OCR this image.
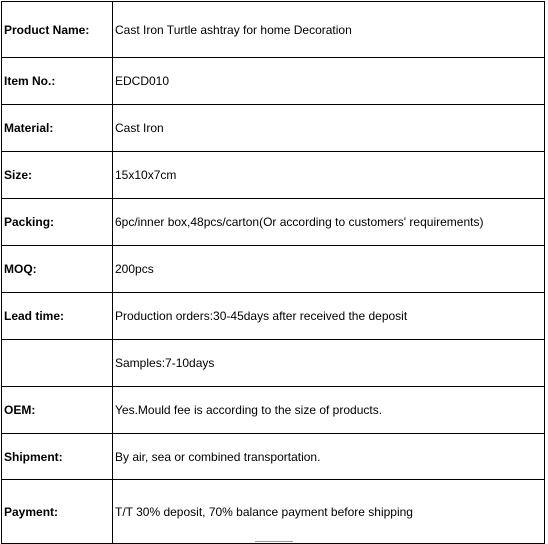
Product Name:	Cast Iron Turtle ashtray for home Decoration
Item No.:	EDCD010
Material:	Cast Iron
Size:	15x10x7cm
Packing:	6pc/inner box,48pcs/carton(Or according to customers' requirements)
MOQ:	200pcs
Lead time:	Production orders:30-45days after received the deposit
	Samples:7-10days
OEM:	Yes.Mould fee is according to the size of products.
Shipment:	By air, sea or combined transportation.
Payment:	T/T 30% deposit, 70% balance payment before shipping
